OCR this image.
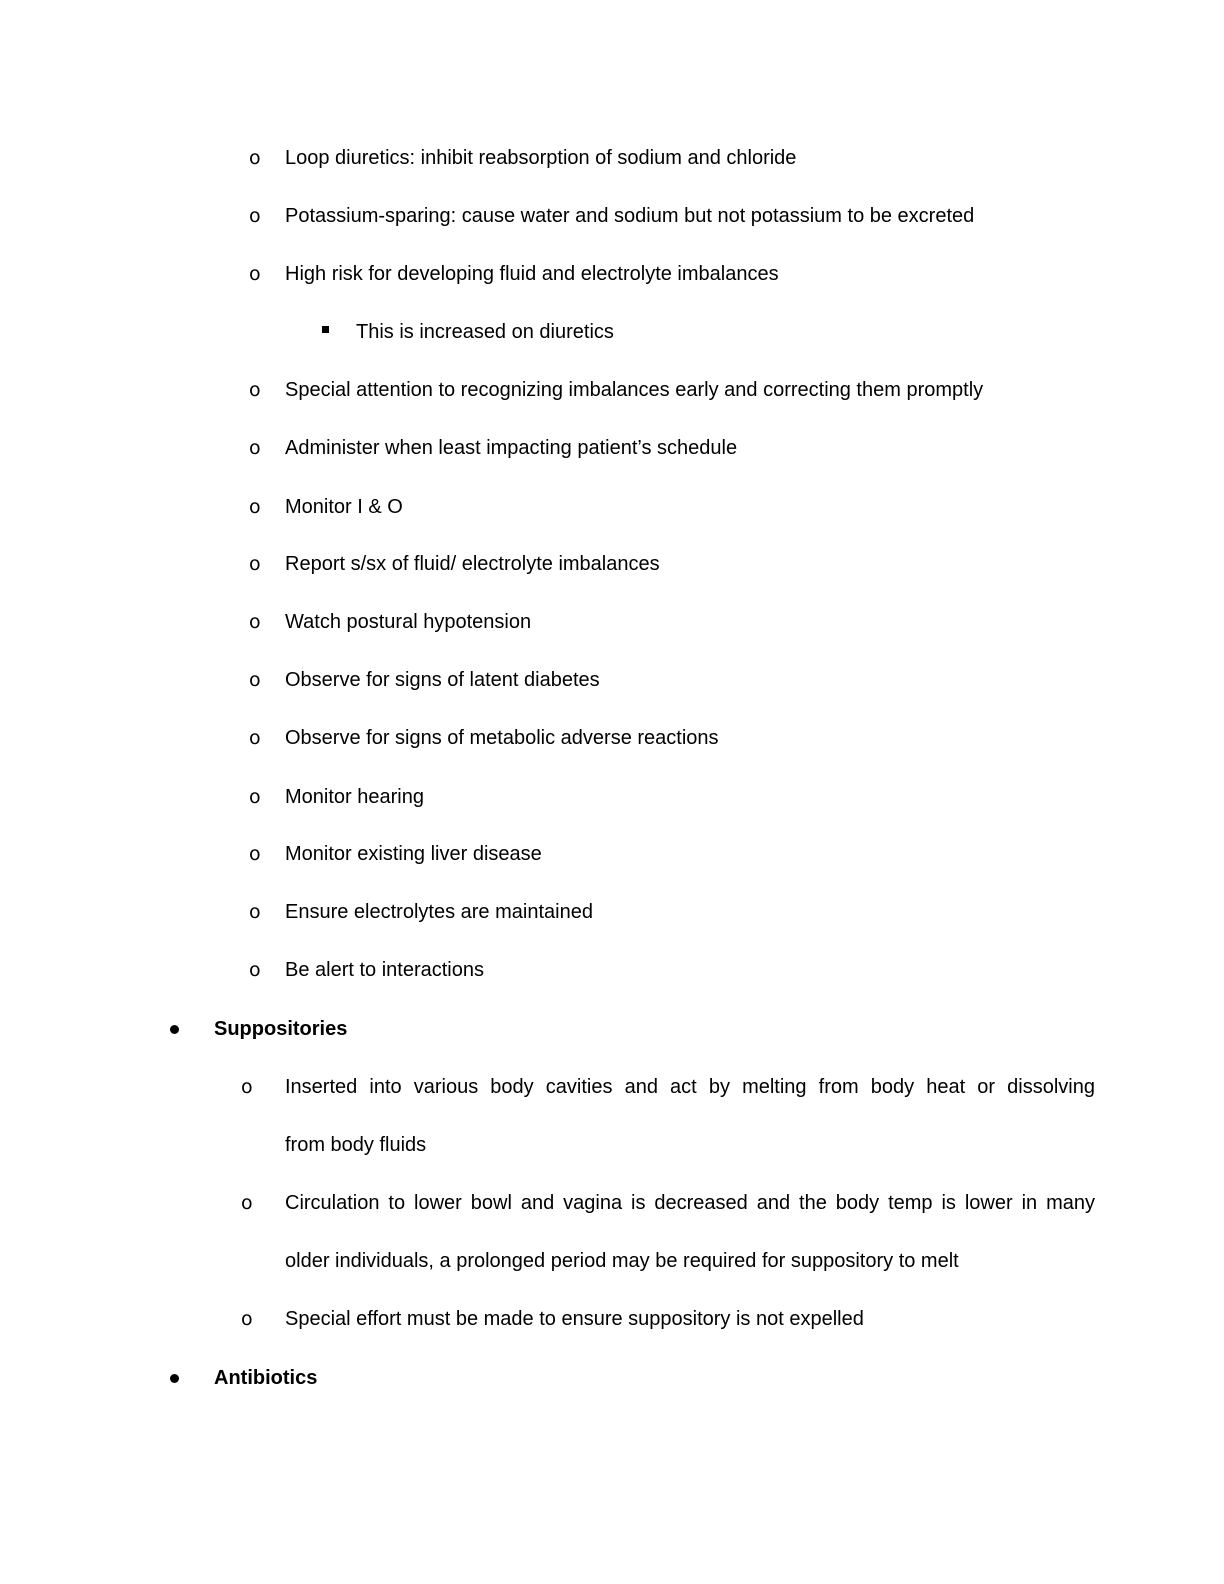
o Loop diuretics: inhibit reabsorption of sodium and chloride
o Potassium-sparing: cause water and sodium but not potassium to be excreted
o High risk for developing fluid and electrolyte imbalances
This is increased on diuretics
o Special attention to recognizing imbalances early and correcting them promptly
o Administer when least impacting patient’s schedule
o Monitor I & O
o Report s/sx of fluid/ electrolyte imbalances
o Watch postural hypotension
o Observe for signs of latent diabetes
o Observe for signs of metabolic adverse reactions
o Monitor hearing
o Monitor existing liver disease
o Ensure electrolytes are maintained
o Be alert to interactions
Suppositories
o Inserted into various body cavities and act by melting from body heat or dissolving
from body fluids
o Circulation to lower bowl and vagina is decreased and the body temp is lower in many
older individuals, a prolonged period may be required for suppository to melt
o Special effort must be made to ensure suppository is not expelled
Antibiotics
